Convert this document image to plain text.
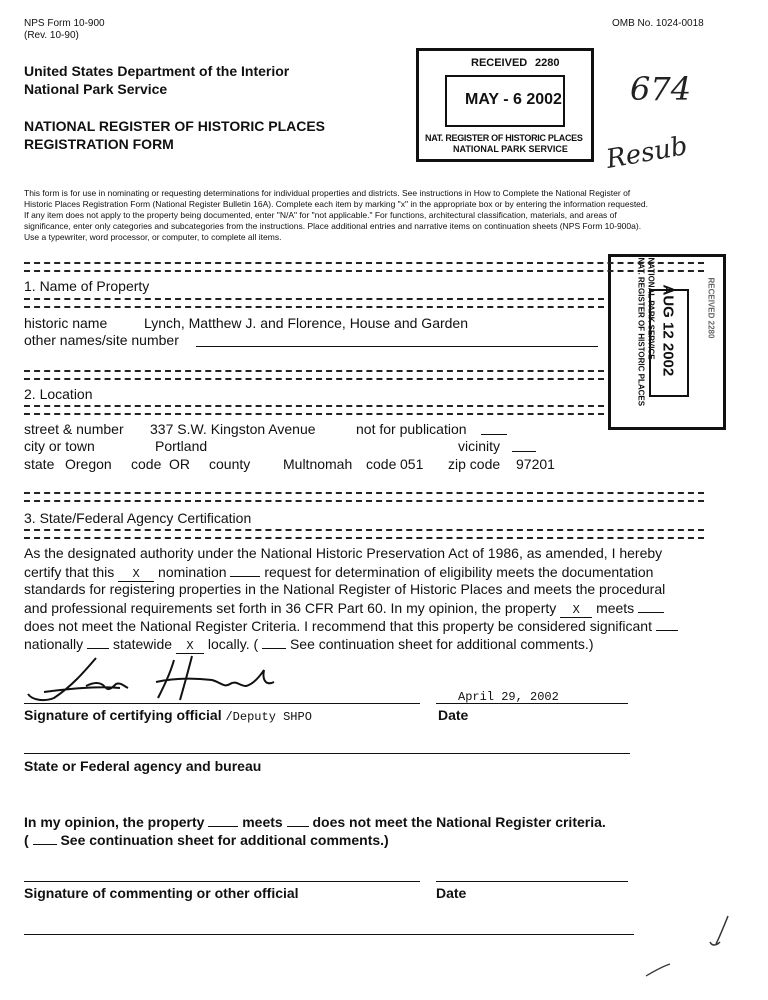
NPS Form 10-900
(Rev. 10-90)
OMB No. 1024-0018
United States Department of the Interior
National Park Service
NATIONAL REGISTER OF HISTORIC PLACES
REGISTRATION FORM
RECEIVED 2280
MAY - 6 2002
NAT. REGISTER OF HISTORIC PLACES
NATIONAL PARK SERVICE
674
Resub
This form is for use in nominating or requesting determinations for individual properties and districts. See instructions in How to Complete the National Register of
Historic Places Registration Form (National Register Bulletin 16A). Complete each item by marking "x" in the appropriate box or by entering the information requested.
If any item does not apply to the property being documented, enter "N/A" for "not applicable." For functions, architectural classification, materials, and areas of
significance, enter only categories and subcategories from the instructions. Place additional entries and narrative items on continuation sheets (NPS Form 10-900a).
Use a typewriter, word processor, or computer, to complete all items.
NAT. REGISTER OF HISTORIC PLACES NATIONAL PARK SERVICE AUG 12 2002	RECEIVED 2280
1. Name of Property
historic name	Lynch, Matthew J. and Florence, House and Garden
other names/site number
2. Location
street & number 337 S.W. Kingston Avenue	not for publication
city or town	Portland	vicinity
state Oregon code OR county Multnomah code 051 zip code 97201
3. State/Federal Agency Certification
As the designated authority under the National Historic Preservation Act of 1986, as amended, I hereby
certify that this X nomination	request for determination of eligibility meets the documentation
standards for registering properties in the National Register of Historic Places and meets the procedural
and professional requirements set forth in 36 CFR Part 60. In my opinion, the property X meets
does not meet the National Register Criteria. I recommend that this property be considered significant
nationally statewide X locally. ( See continuation sheet for additional comments.)
April 29, 2002
Signature of certifying official /Deputy SHPO	Date
State or Federal agency and bureau
In my opinion, the property	meets does not meet the National Register criteria.
( See continuation sheet for additional comments.)
Signature of commenting or other official	Date
